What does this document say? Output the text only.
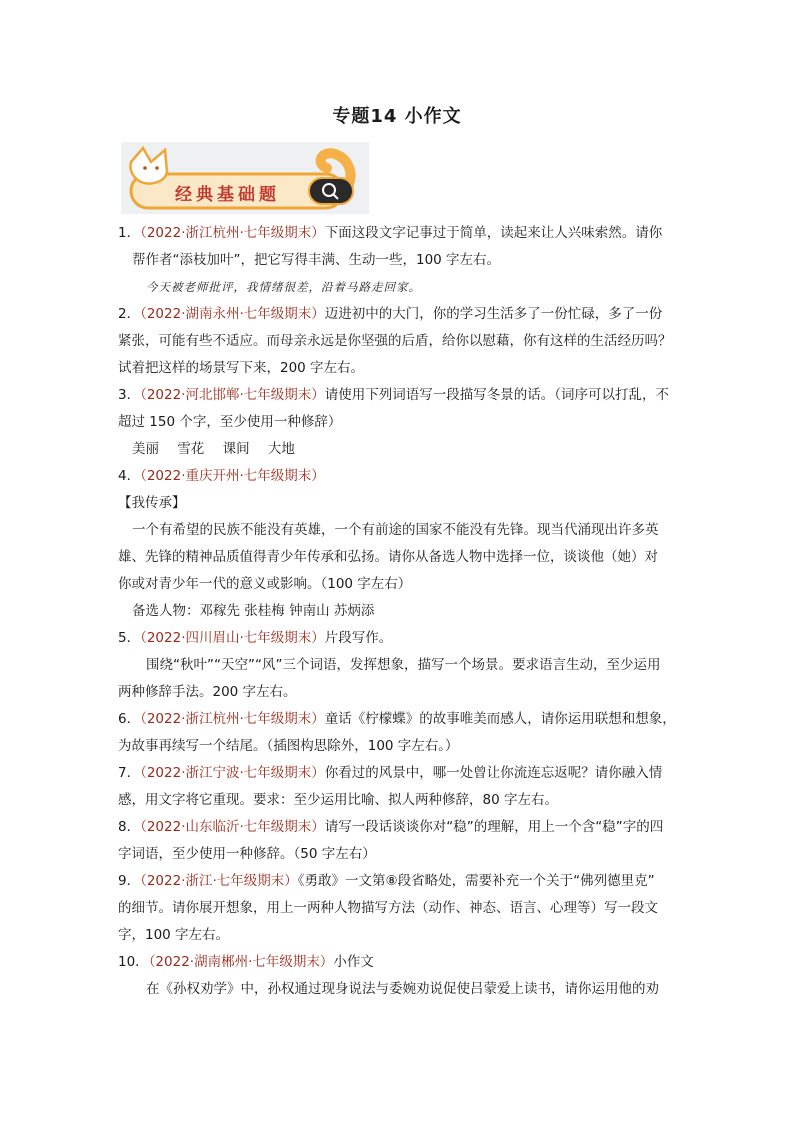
专题14 小作文
经典基础题
1．（2022·浙江杭州·七年级期末）下面这段文字记事过于简单，读起来让人兴味索然。请你
帮作者“添枝加叶”，把它写得丰满、生动一些，100 字左右。
今天被老师批评，我情绪很差，沿着马路走回家。
2．（2022·湖南永州·七年级期末）迈进初中的大门，你的学习生活多了一份忙碌，多了一份
紧张，可能有些不适应。而母亲永远是你坚强的后盾，给你以慰藉，你有这样的生活经历吗？
试着把这样的场景写下来，200 字左右。
3．（2022·河北邯郸·七年级期末）请使用下列词语写一段描写冬景的话。（词序可以打乱，不
超过 150 个字，至少使用一种修辞）
美丽 雪花 课间 大地
4．（2022·重庆开州·七年级期末）
【我传承】
一个有希望的民族不能没有英雄，一个有前途的国家不能没有先锋。现当代涌现出许多英
雄、先锋的精神品质值得青少年传承和弘扬。请你从备选人物中选择一位，谈谈他（她）对
你或对青少年一代的意义或影响。（100 字左右）
备选人物：邓稼先 张桂梅 钟南山 苏炳添
5．（2022·四川眉山·七年级期末）片段写作。
围绕“秋叶”“天空”“风”三个词语，发挥想象，描写一个场景。要求语言生动，至少运用
两种修辞手法。200 字左右。
6．（2022·浙江杭州·七年级期末）童话《柠檬蝶》的故事唯美而感人，请你运用联想和想象，
为故事再续写一个结尾。（插图构思除外，100 字左右。）
7．（2022·浙江宁波·七年级期末）你看过的风景中，哪一处曾让你流连忘返呢？请你融入情
感，用文字将它重现。要求：至少运用比喻、拟人两种修辞，80 字左右。
8．（2022·山东临沂·七年级期末）请写一段话谈谈你对“稳”的理解，用上一个含“稳”字的四
字词语，至少使用一种修辞。（50 字左右）
9．（2022·浙江·七年级期末）《勇敢》一文第⑧段省略处，需要补充一个关于“佛列德里克”
的细节。请你展开想象，用上一两种人物描写方法（动作、神态、语言、心理等）写一段文
字，100 字左右。
10．（2022·湖南郴州·七年级期末）小作文
在《孙权劝学》中，孙权通过现身说法与委婉劝说促使吕蒙爱上读书，请你运用他的劝
